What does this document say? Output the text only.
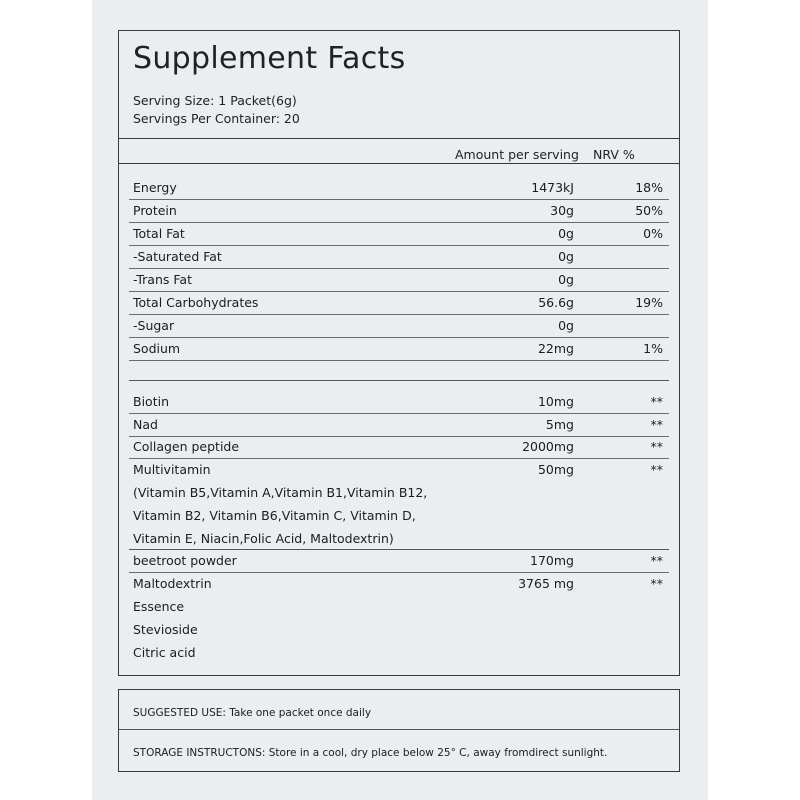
Supplement Facts
Serving Size: 1 Packet(6g)
Servings Per Container: 20
Amount per serving NRV %
Energy	1473kJ	18%
Protein	30g	50%
Total Fat	0g	0%
-Saturated Fat	0g
-Trans Fat	0g
Total Carbohydrates	56.6g	19%
-Sugar	0g
Sodium	22mg	1%
Biotin	10mg	**
Nad	5mg	**
Collagen peptide	2000mg	**
Multivitamin	50mg	**
(Vitamin B5,Vitamin A,Vitamin B1,Vitamin B12,
Vitamin B2, Vitamin B6,Vitamin C, Vitamin D,
Vitamin E, Niacin,Folic Acid, Maltodextrin)
beetroot powder	170mg	**
Maltodextrin	3765 mg	**
Essence
Stevioside
Citric acid
SUGGESTED USE: Take one packet once daily
STORAGE INSTRUCTONS: Store in a cool, dry place below 25° C, away fromdirect sunlight.
